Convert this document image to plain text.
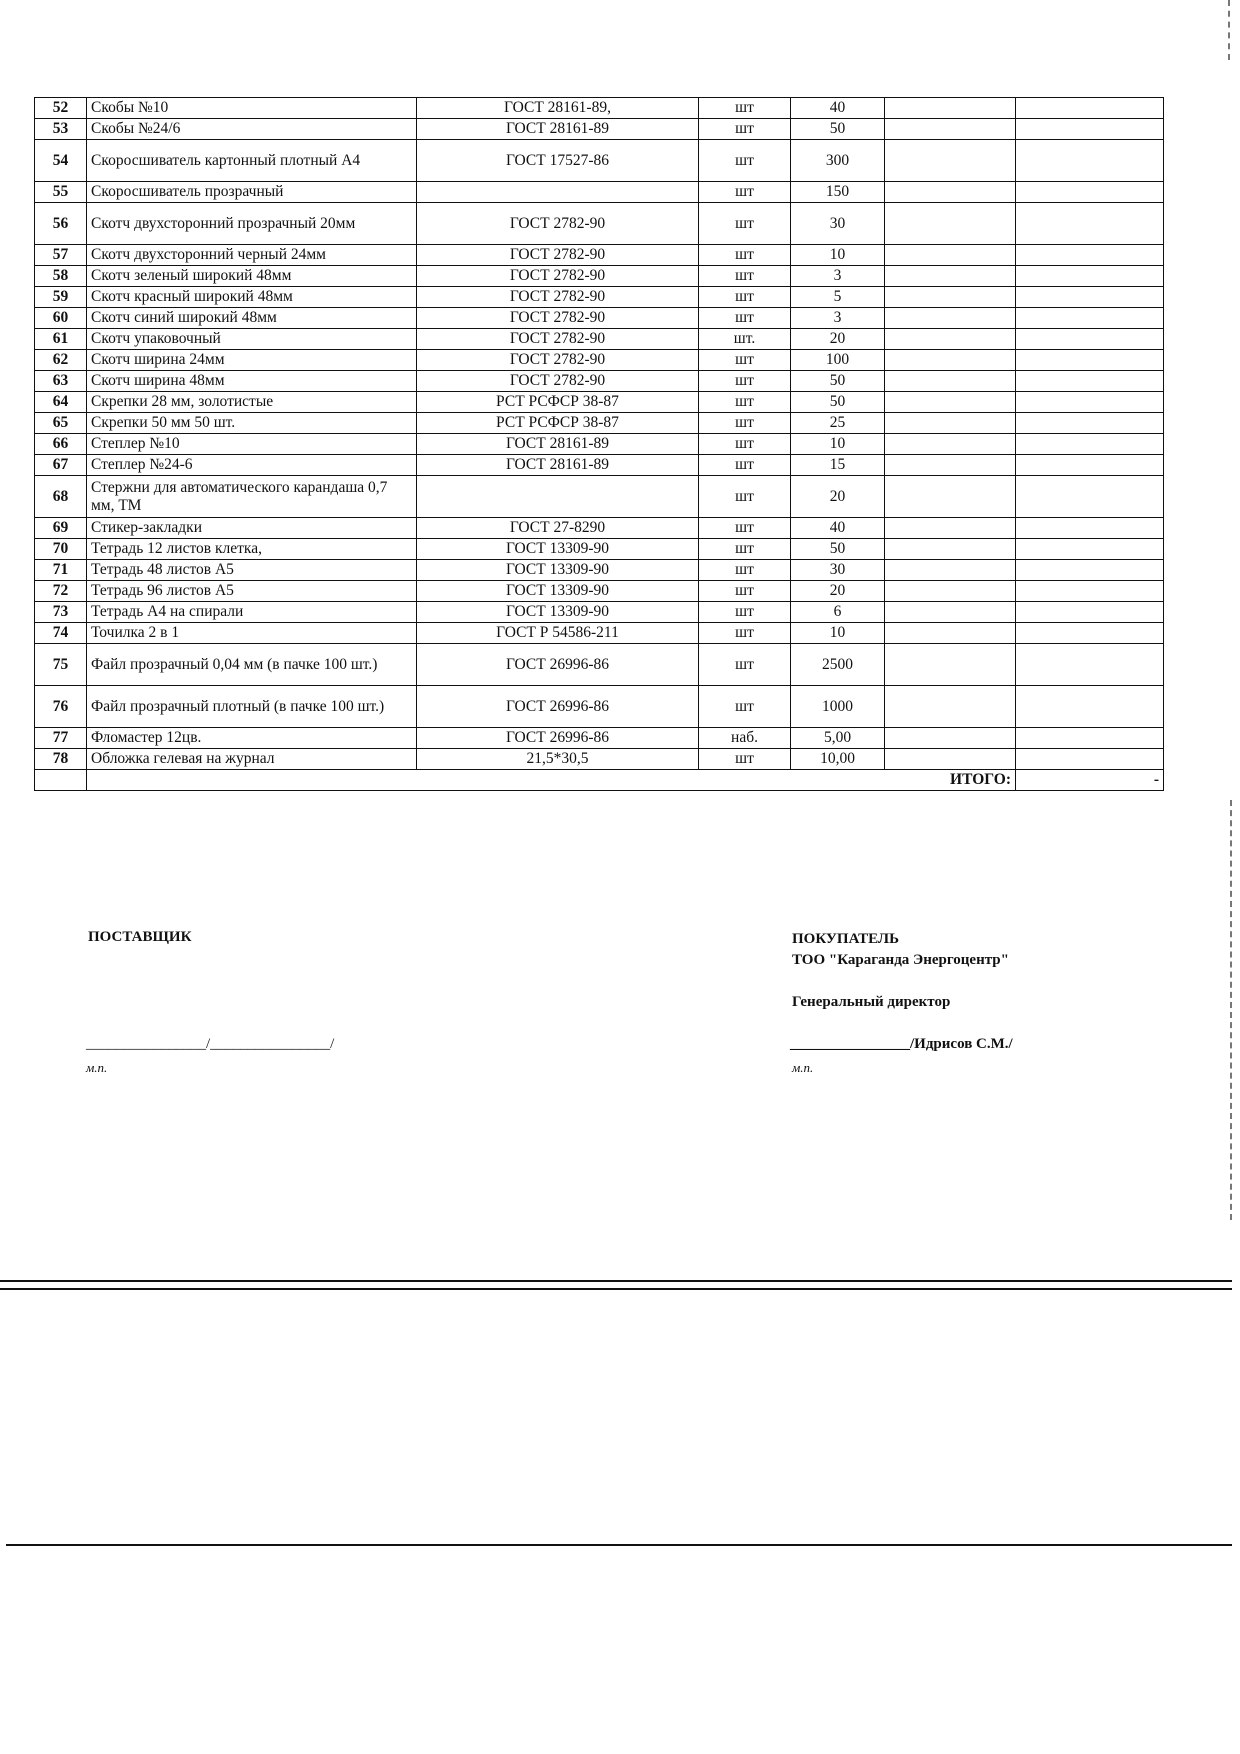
52	Скобы №10	ГОСТ 28161-89,	шт	40		
53	Скобы №24/6	ГОСТ 28161-89	шт	50		
54	Скоросшиватель картонный плотный А4	ГОСТ 17527-86	шт	300		
55	Скоросшиватель прозрачный		шт	150		
56	Скотч двухсторонний прозрачный 20мм	ГОСТ 2782-90	шт	30		
57	Скотч двухсторонний черный 24мм	ГОСТ 2782-90	шт	10		
58	Скотч зеленый широкий 48мм	ГОСТ 2782-90	шт	3		
59	Скотч красный широкий 48мм	ГОСТ 2782-90	шт	5		
60	Скотч синий широкий 48мм	ГОСТ 2782-90	шт	3		
61	Скотч упаковочный	ГОСТ 2782-90	шт.	20		
62	Скотч ширина 24мм	ГОСТ 2782-90	шт	100		
63	Скотч ширина 48мм	ГОСТ 2782-90	шт	50		
64	Скрепки 28 мм, золотистые	РСТ РСФСР 38-87	шт	50		
65	Скрепки 50 мм 50 шт.	РСТ РСФСР 38-87	шт	25		
66	Степлер №10	ГОСТ 28161-89	шт	10		
67	Степлер №24-6	ГОСТ 28161-89	шт	15		
68	Стержни для автоматического карандаша 0,7 мм, ТМ		шт	20		
69	Стикер-закладки	ГОСТ 27-8290	шт	40		
70	Тетрадь 12 листов клетка,	ГОСТ 13309-90	шт	50		
71	Тетрадь 48 листов А5	ГОСТ 13309-90	шт	30		
72	Тетрадь 96 листов А5	ГОСТ 13309-90	шт	20		
73	Тетрадь А4 на спирали	ГОСТ 13309-90	шт	6		
74	Точилка 2 в 1	ГОСТ Р 54586-211	шт	10		
75	Файл прозрачный 0,04 мм (в пачке 100 шт.)	ГОСТ 26996-86	шт	2500		
76	Файл прозрачный плотный (в пачке 100 шт.)	ГОСТ 26996-86	шт	1000		
77	Фломастер 12цв.	ГОСТ 26996-86	наб.	5,00		
78	Обложка гелевая на журнал	21,5*30,5	шт	10,00		
	ИТОГО:					-
ПОСТАВЩИК
________________/________________/
м.п.
ПОКУПАТЕЛЬ
ТОО "Караганда Энергоцентр"
Генеральный директор
________________/Идрисов С.М./
м.п.
